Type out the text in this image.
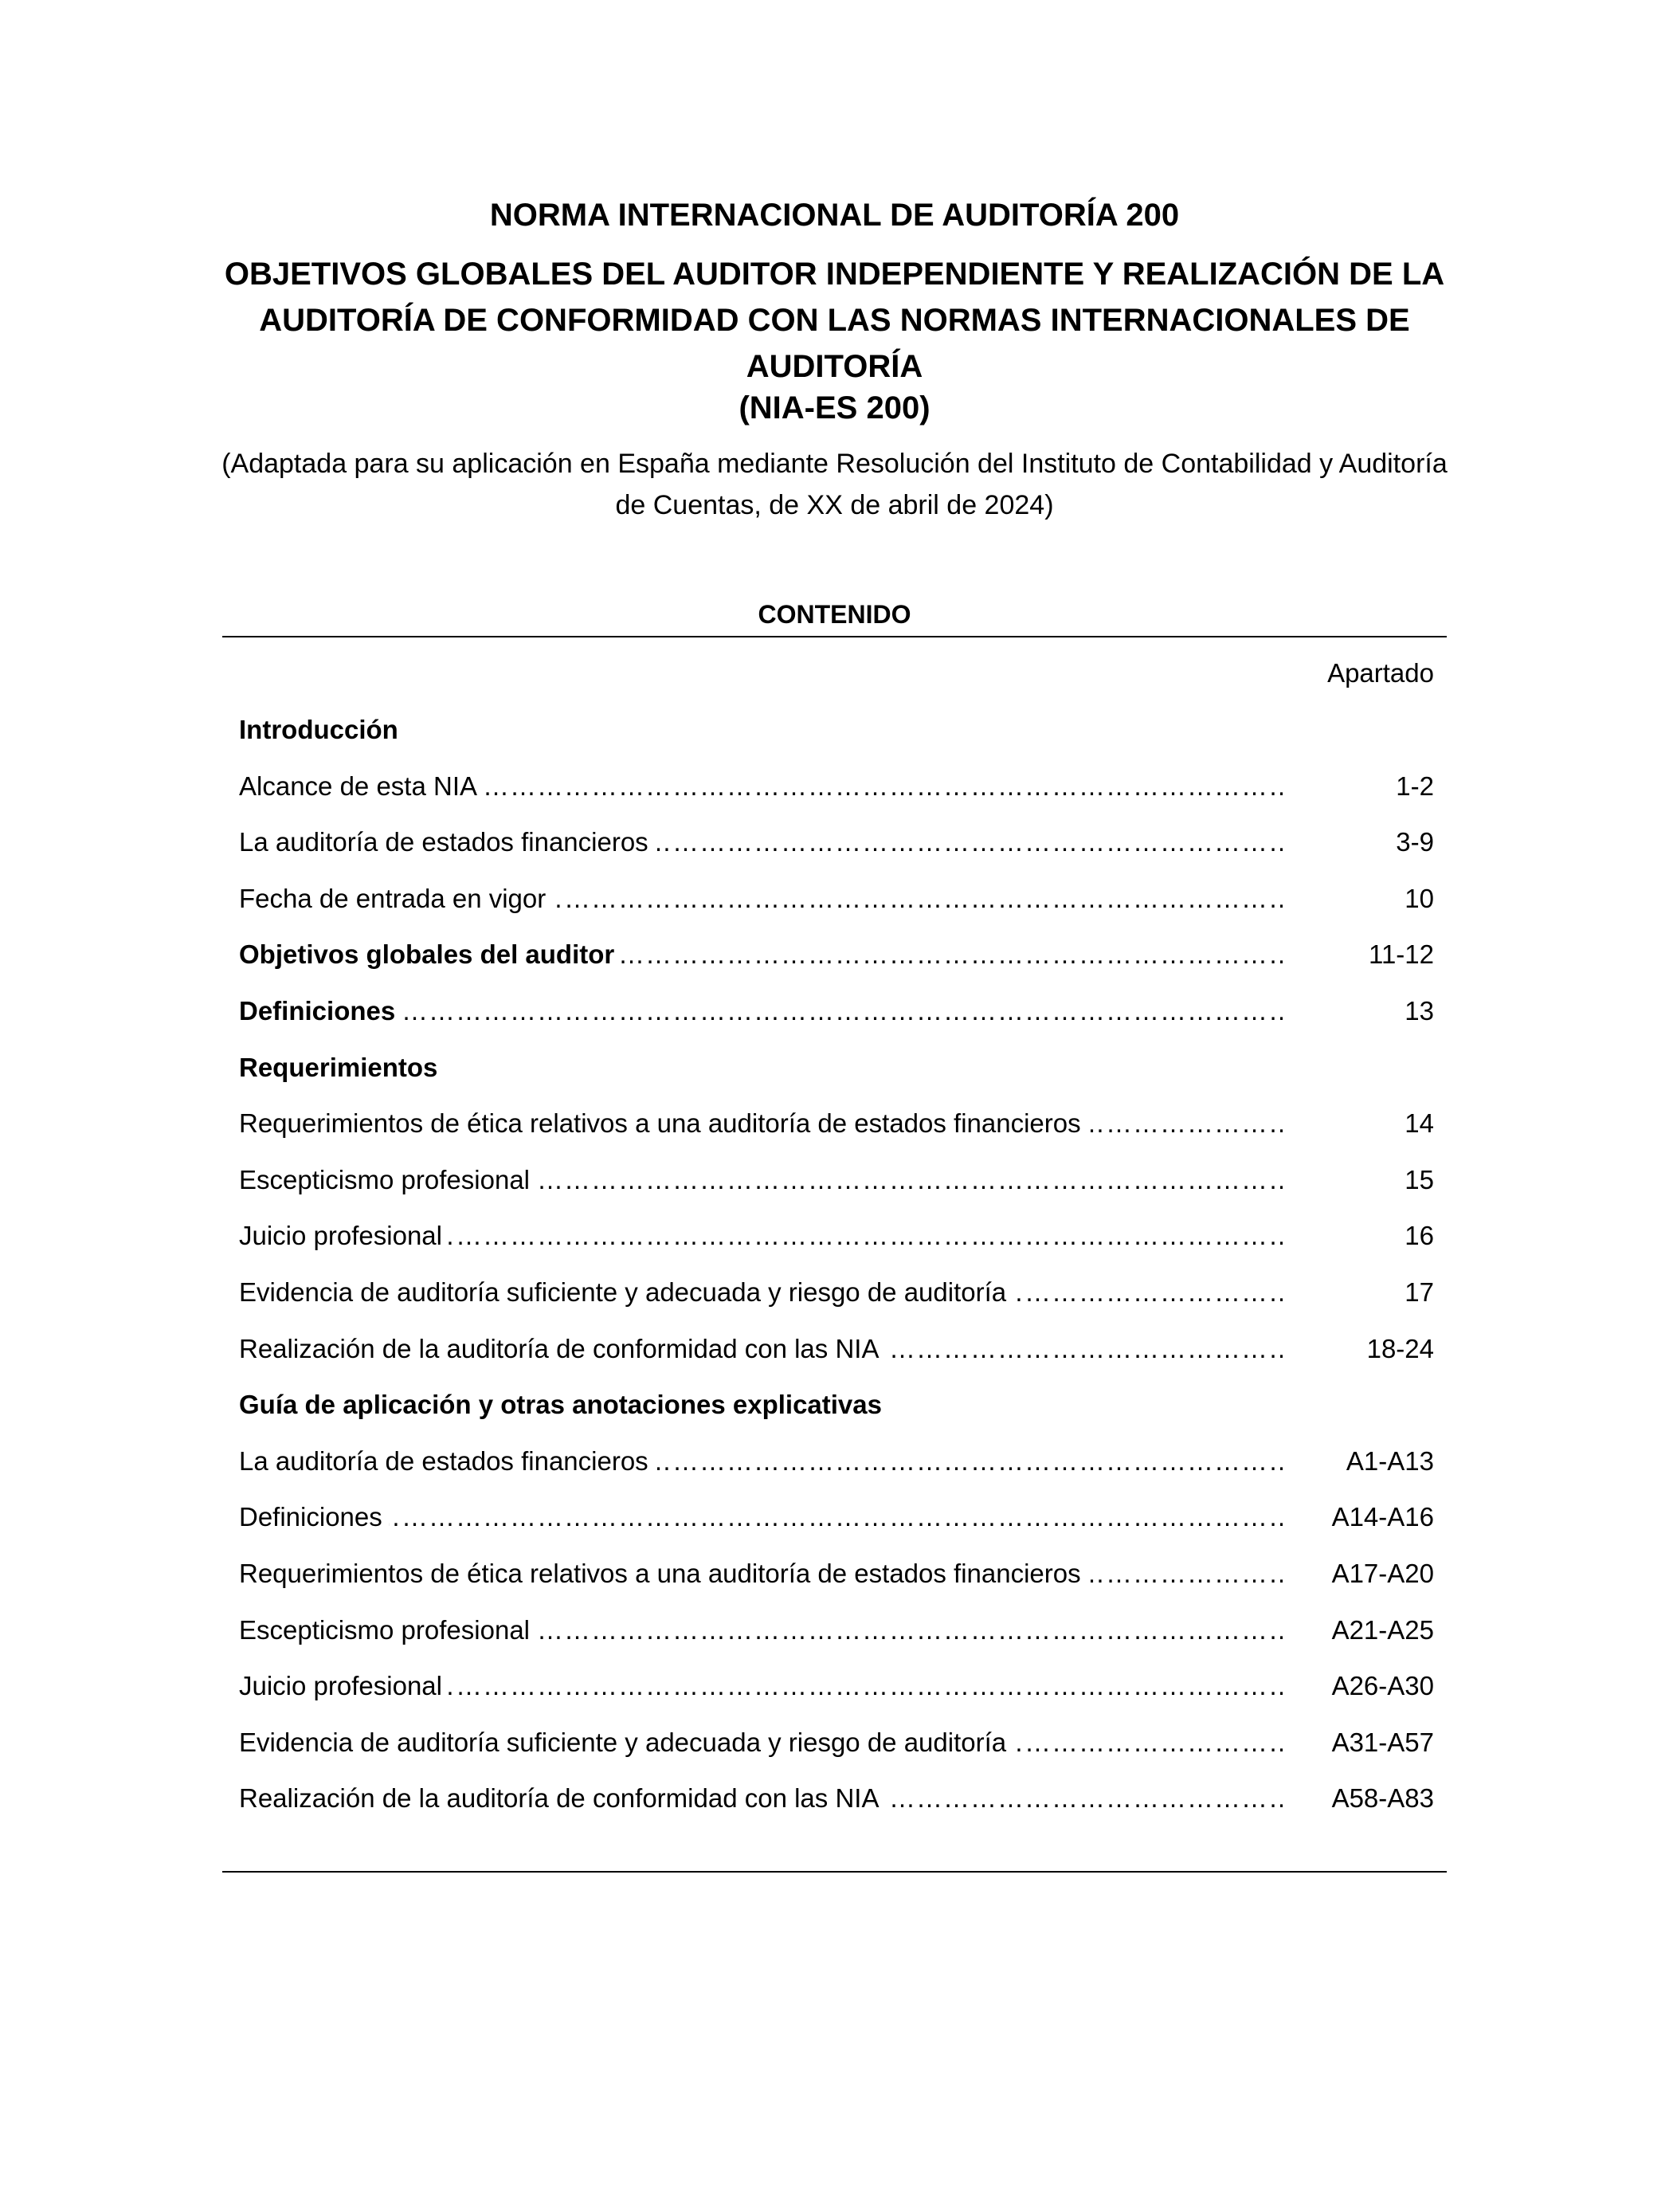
NORMA INTERNACIONAL DE AUDITORÍA 200
OBJETIVOS GLOBALES DEL AUDITOR INDEPENDIENTE Y REALIZACIÓN DE LA AUDITORÍA DE CONFORMIDAD CON LAS NORMAS INTERNACIONALES DE AUDITORÍA
(NIA-ES 200)
(Adaptada para su aplicación en España mediante Resolución del Instituto de Contabilidad y Auditoría de Cuentas, de XX de abril de 2024)
CONTENIDO
Apartado
Introducción
……………………………………………………………………………………………………………………………………………………………………………………………………
Alcance de esta NIA	1-2
……………………………………………………………………………………………………………………………………………………………………………………………………
La auditoría de estados financieros	3-9
……………………………………………………………………………………………………………………………………………………………………………………………………
Fecha de entrada en vigor	10
……………………………………………………………………………………………………………………………………………………………………………………………………
Objetivos globales del auditor	11-12
……………………………………………………………………………………………………………………………………………………………………………………………………
Definiciones	13
Requerimientos
……………………………………………………………………………………………………………………………………………………………………………………………………
Requerimientos de ética relativos a una auditoría de estados financieros	14
……………………………………………………………………………………………………………………………………………………………………………………………………
Escepticismo profesional	15
……………………………………………………………………………………………………………………………………………………………………………………………………
Juicio profesional	16
……………………………………………………………………………………………………………………………………………………………………………………………………
Evidencia de auditoría suficiente y adecuada y riesgo de auditoría	17
……………………………………………………………………………………………………………………………………………………………………………………………………
Realización de la auditoría de conformidad con las NIA	18-24
Guía de aplicación y otras anotaciones explicativas
……………………………………………………………………………………………………………………………………………………………………………………………………
La auditoría de estados financieros	A1-A13
……………………………………………………………………………………………………………………………………………………………………………………………………
Definiciones	A14-A16
……………………………………………………………………………………………………………………………………………………………………………………………………
Requerimientos de ética relativos a una auditoría de estados financieros	A17-A20
……………………………………………………………………………………………………………………………………………………………………………………………………
Escepticismo profesional	A21-A25
……………………………………………………………………………………………………………………………………………………………………………………………………
Juicio profesional	A26-A30
……………………………………………………………………………………………………………………………………………………………………………………………………
Evidencia de auditoría suficiente y adecuada y riesgo de auditoría	A31-A57
……………………………………………………………………………………………………………………………………………………………………………………………………
Realización de la auditoría de conformidad con las NIA	A58-A83
